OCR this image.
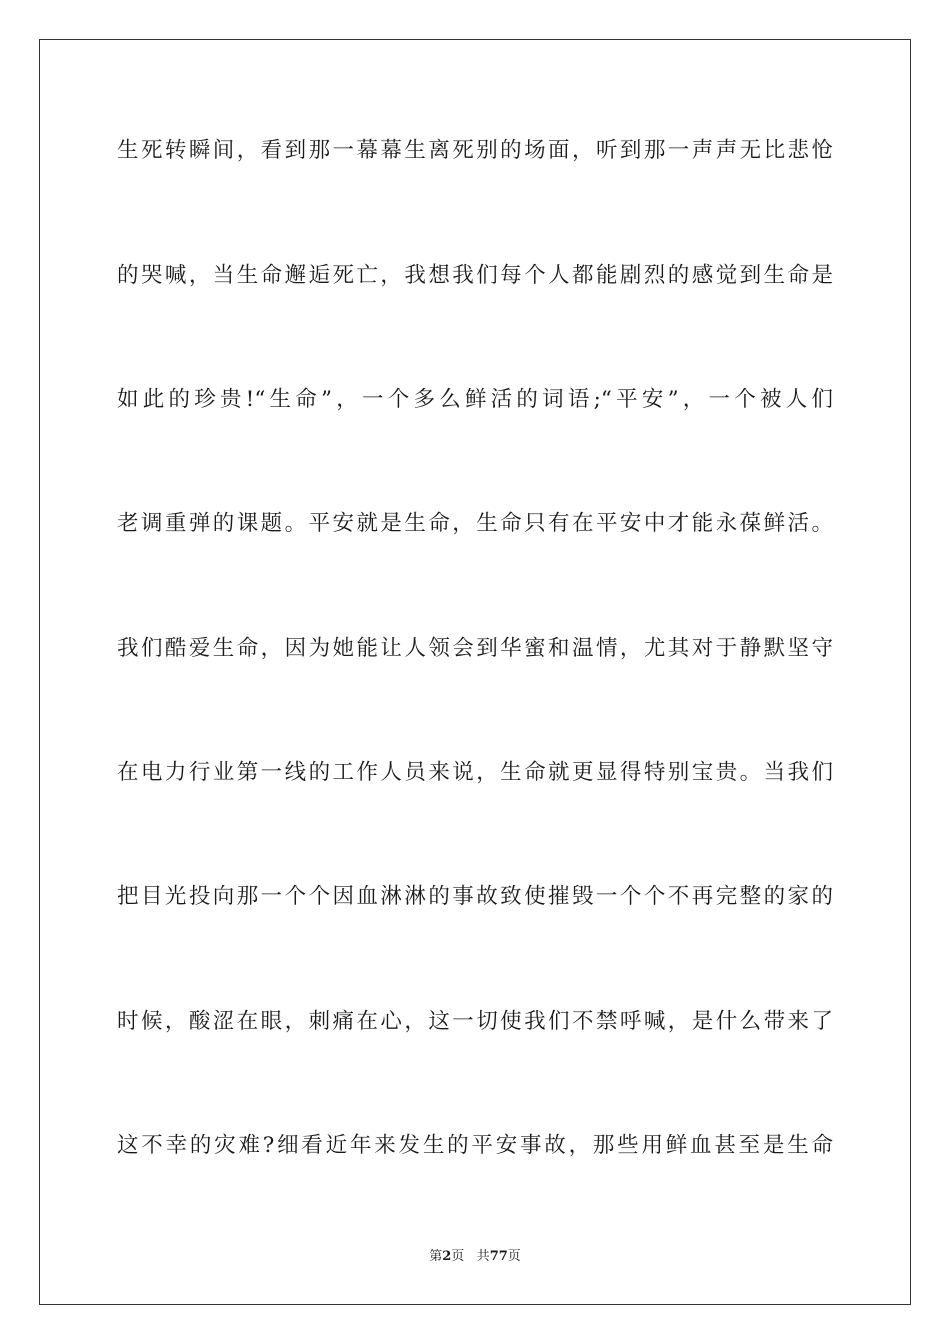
生死转瞬间，看到那一幕幕生离死别的场面，听到那一声声无比悲怆
的哭喊，当生命邂逅死亡，我想我们每个人都能剧烈的感觉到生命是
如此的珍贵!“生命”，一个多么鲜活的词语;“平安”，一个被人们
老调重弹的课题。平安就是生命，生命只有在平安中才能永葆鲜活。
我们酷爱生命，因为她能让人领会到华蜜和温情，尤其对于静默坚守
在电力行业第一线的工作人员来说，生命就更显得特别宝贵。当我们
把目光投向那一个个因血淋淋的事故致使摧毁一个个不再完整的家的
时候，酸涩在眼，刺痛在心，这一切使我们不禁呼喊，是什么带来了
这不幸的灾难?细看近年来发生的平安事故，那些用鲜血甚至是生命
第2页 共77页
